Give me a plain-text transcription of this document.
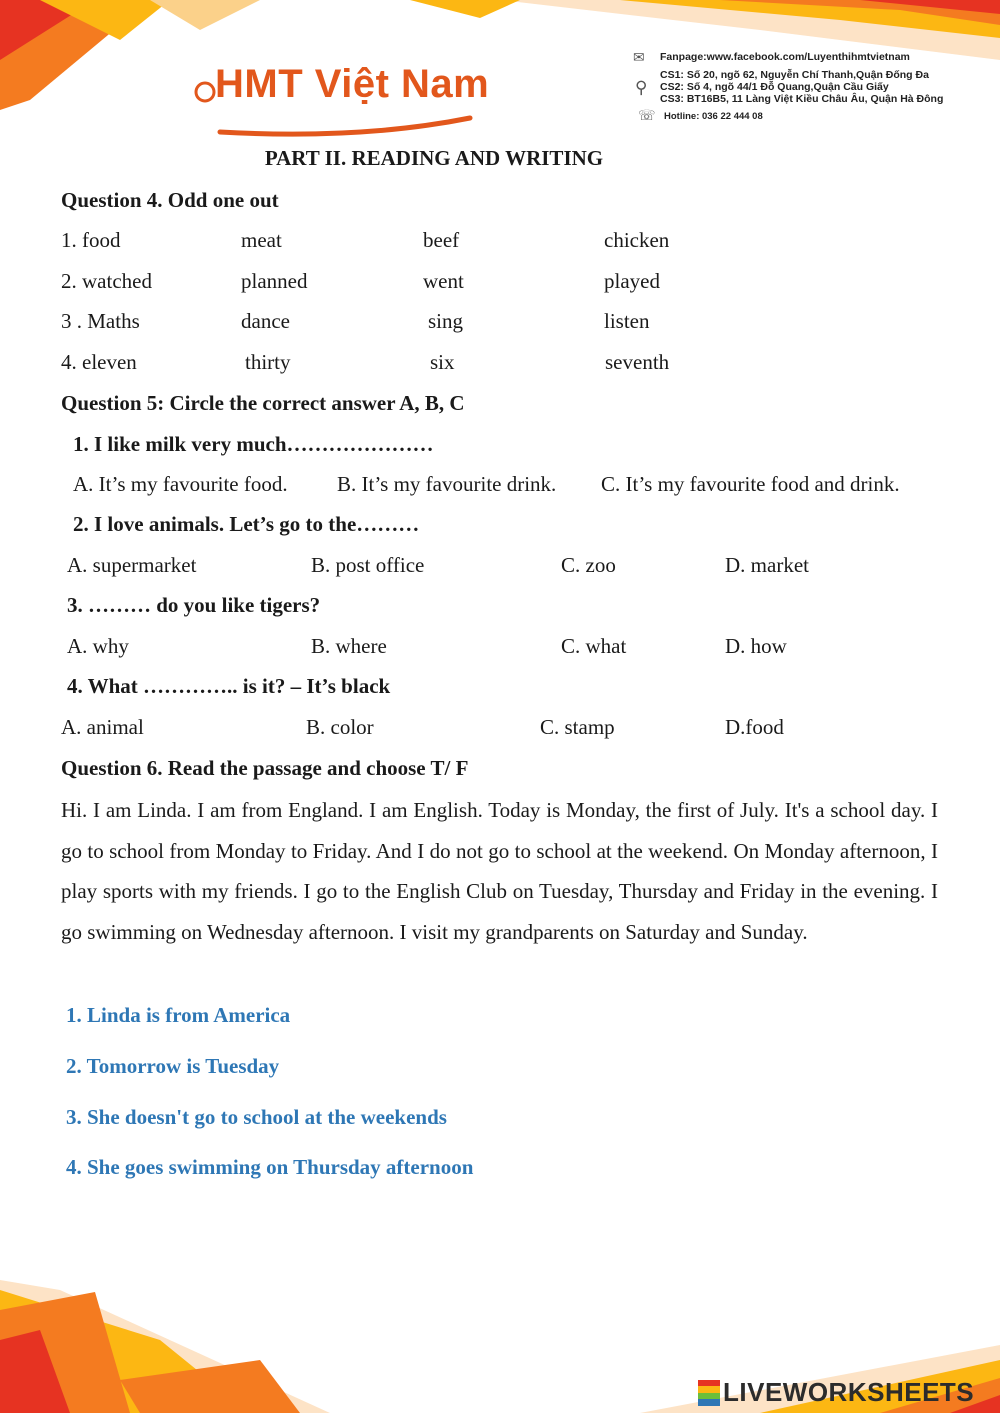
HMT Việt Nam
✉ Fanpage:www.facebook.com/Luyenthihmtvietnam
⚲
CS1: Số 20, ngõ 62, Nguyễn Chí Thanh,Quận Đống Đa
CS2: Số 4, ngõ 44/1 Đỗ Quang,Quận Cầu Giấy
CS3: BT16B5, 11 Làng Việt Kiều Châu Âu, Quận Hà Đông
☏ Hotline: 036 22 444 08
PART II. READING AND WRITING
Question 4. Odd one out
1. food	meat	beef	chicken
2. watched	planned	went	played
3 . Maths	dance	sing	listen
4. eleven	thirty	six	seventh
Question 5: Circle the correct answer A, B, C
1. I like milk very much…………………
A. It’s my favourite food. B. It’s my favourite drink. C. It’s my favourite food and drink.
2. I love animals. Let’s go to the………
A. supermarket	B. post office	C. zoo	D. market
3. ……… do you like tigers?
A. why	B. where	C. what	D. how
4. What ………….. is it? – It’s black
A. animal	B. color	C. stamp	D.food
Question 6. Read the passage and choose T/ F
Hi. I am Linda. I am from England. I am English. Today is Monday, the first of July. It's a school day. I go to school from Monday to Friday. And I do not go to school at the weekend. On Monday afternoon, I play sports with my friends. I go to the English Club on Tuesday, Thursday and Friday in the evening. I go swimming on Wednesday afternoon. I visit my grandparents on Saturday and Sunday.
1. Linda is from America
2. Tomorrow is Tuesday
3. She doesn't go to school at the weekends
4. She goes swimming on Thursday afternoon
LIVEWORKSHEETS
